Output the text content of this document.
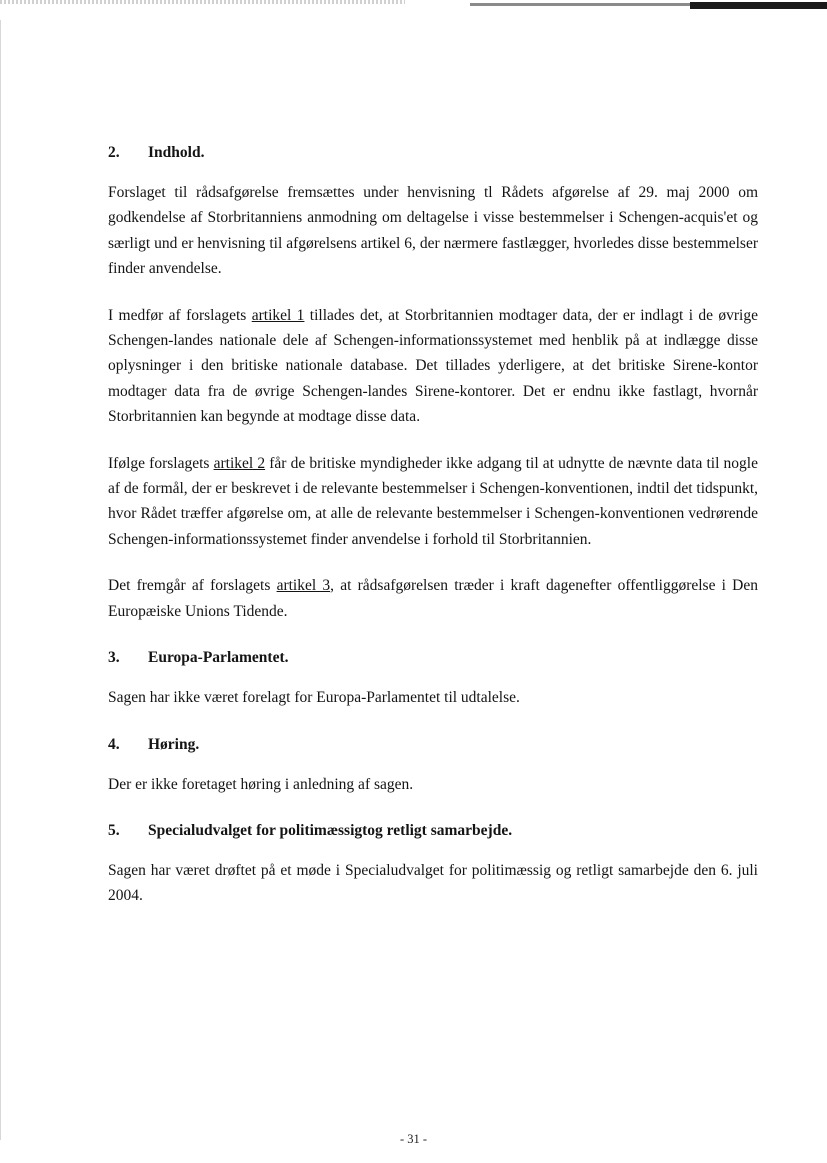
2. Indhold.

Forslaget til rådsafgørelse fremsættes under henvisning tl Rådets afgørelse af 29. maj 2000 om godkendelse af Storbritanniens anmodning om deltagelse i visse bestemmelser i Schengen-acquis'et og særligt und er henvisning til afgørelsens artikel 6, der nærmere fastlægger, hvorledes disse bestemmelser finder anvendelse.

I medfør af forslagets artikel 1 tillades det, at Storbritannien modtager data, der er indlagt i de øvrige Schengen-landes nationale dele af Schengen-informationssystemet med henblik på at indlægge disse oplysninger i den britiske nationale database. Det tillades yderligere, at det britiske Sirene-kontor modtager data fra de øvrige Schengen-landes Sirene-kontorer. Det er endnu ikke fastlagt, hvornår Storbritannien kan begynde at modtage disse data.

Ifølge forslagets artikel 2 får de britiske myndigheder ikke adgang til at udnytte de nævnte data til nogle af de formål, der er beskrevet i de relevante bestemmelser i Schengen-konventionen, indtil det tidspunkt, hvor Rådet træffer afgørelse om, at alle de relevante bestemmelser i Schengen-konventionen vedrørende Schengen-informationssystemet finder anvendelse i forhold til Storbritannien.

Det fremgår af forslagets artikel 3, at rådsafgørelsen træder i kraft dagenefter offentliggørelse i Den Europæiske Unions Tidende.

3. Europa-Parlamentet.

Sagen har ikke været forelagt for Europa-Parlamentet til udtalelse.

4. Høring.

Der er ikke foretaget høring i anledning af sagen.

5. Specialudvalget for politimæssigtog retligt samarbejde.

Sagen har været drøftet på et møde i Specialudvalget for politimæssig og retligt samarbejde den 6. juli 2004.

- 31 -
